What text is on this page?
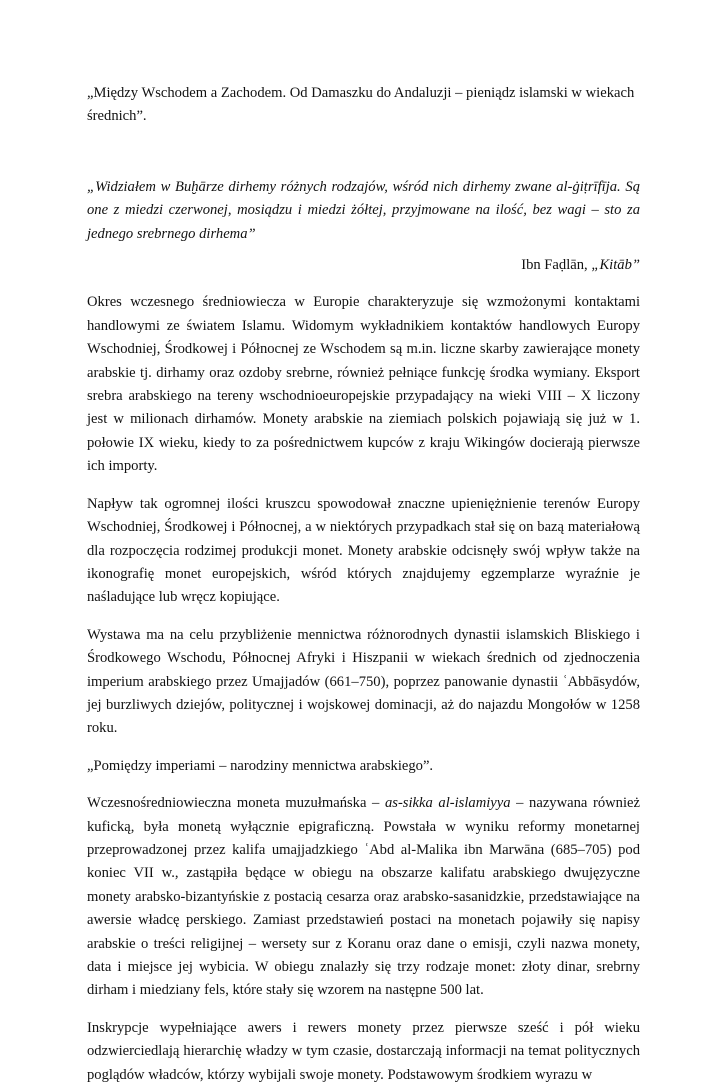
„Między Wschodem a Zachodem. Od Damaszku do Andaluzji – pieniądz islamski w wiekach średnich”.

„Widziałem w Buḫārze dirhemy różnych rodzajów, wśród nich dirhemy zwane al-ġiṭrīfīja. Są one z miedzi czerwonej, mosiądzu i miedzi żółtej, przyjmowane na ilość, bez wagi – sto za jednego srebrnego dirhema”

Ibn Faḍlān, „Kitāb”

Okres wczesnego średniowiecza w Europie charakteryzuje się wzmożonymi kontaktami handlowymi ze światem Islamu. Widomym wykładnikiem kontaktów handlowych Europy Wschodniej, Środkowej i Północnej ze Wschodem są m.in. liczne skarby zawierające monety arabskie tj. dirhamy oraz ozdoby srebrne, również pełniące funkcję środka wymiany. Eksport srebra arabskiego na tereny wschodnioeuropejskie przypadający na wieki VIII – X liczony jest w milionach dirhamów. Monety arabskie na ziemiach polskich pojawiają się już w 1. połowie IX wieku, kiedy to za pośrednictwem kupców z kraju Wikingów docierają pierwsze ich importy.

Napływ tak ogromnej ilości kruszcu spowodował znaczne upieniężnienie terenów Europy Wschodniej, Środkowej i Północnej, a w niektórych przypadkach stał się on bazą materiałową dla rozpoczęcia rodzimej produkcji monet. Monety arabskie odcisnęły swój wpływ także na ikonografię monet europejskich, wśród których znajdujemy egzemplarze wyraźnie je naśladujące lub wręcz kopiujące.

Wystawa ma na celu przybliżenie mennictwa różnorodnych dynastii islamskich Bliskiego i Środkowego Wschodu, Północnej Afryki i Hiszpanii w wiekach średnich od zjednoczenia imperium arabskiego przez Umajjadów (661–750), poprzez panowanie dynastii ʿAbbāsydów, jej burzliwych dziejów, politycznej i wojskowej dominacji, aż do najazdu Mongołów w 1258 roku.

„Pomiędzy imperiami – narodziny mennictwa arabskiego”.

Wczesnośredniowieczna moneta muzułmańska – as-sikka al-islamiyya – nazywana również kuficką, była monetą wyłącznie epigraficzną. Powstała w wyniku reformy monetarnej przeprowadzonej przez kalifa umajjadzkiego ʿAbd al-Malika ibn Marwāna (685–705) pod koniec VII w., zastąpiła będące w obiegu na obszarze kalifatu arabskiego dwujęzyczne monety arabsko-bizantyńskie z postacią cesarza oraz arabsko-sasanidzkie, przedstawiające na awersie władcę perskiego. Zamiast przedstawień postaci na monetach pojawiły się napisy arabskie o treści religijnej – wersety sur z Koranu oraz dane o emisji, czyli nazwa monety, data i miejsce jej wybicia. W obiegu znalazły się trzy rodzaje monet: złoty dinar, srebrny dirham i miedziany fels, które stały się wzorem na następne 500 lat.

Inskrypcje wypełniające awers i rewers monety przez pierwsze sześć i pół wieku odzwierciedlają hierarchię władzy w tym czasie, dostarczają informacji na temat politycznych poglądów władców, którzy wybijali swoje monety. Podstawowym środkiem wyrazu w
